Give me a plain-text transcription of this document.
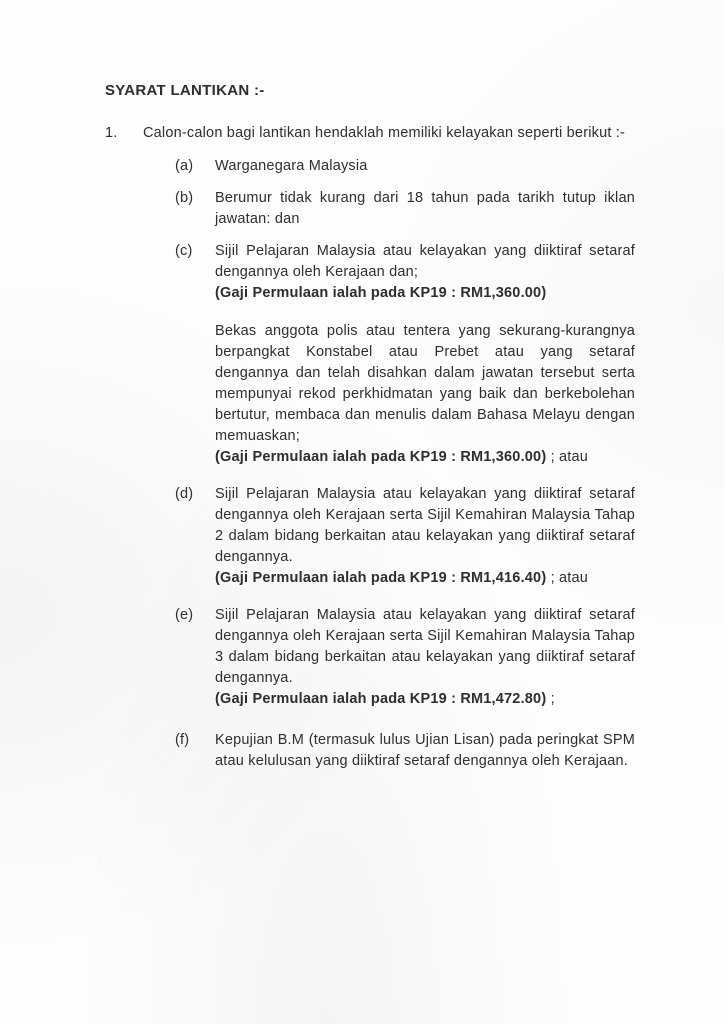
SYARAT LANTIKAN :-
1.	Calon-calon bagi lantikan hendaklah memiliki kelayakan seperti berikut :-

(a)	Warganegara Malaysia

(b)	Berumur tidak kurang dari 18 tahun pada tarikh tutup iklan jawatan: dan

(c)	Sijil Pelajaran Malaysia atau kelayakan yang diiktiraf setaraf dengannya oleh Kerajaan dan;

(Gaji Permulaan ialah pada KP19 : RM1,360.00)

Bekas anggota polis atau tentera yang sekurang-kurangnya berpangkat Konstabel atau Prebet atau yang setaraf dengannya dan telah disahkan dalam jawatan tersebut serta mempunyai rekod perkhidmatan yang baik dan berkebolehan bertutur, membaca dan menulis dalam Bahasa Melayu dengan memuaskan;

(Gaji Permulaan ialah pada KP19 : RM1,360.00) ; atau

(d)	Sijil Pelajaran Malaysia atau kelayakan yang diiktiraf setaraf dengannya oleh Kerajaan serta Sijil Kemahiran Malaysia Tahap 2 dalam bidang berkaitan atau kelayakan yang diiktiraf setaraf dengannya.

(Gaji Permulaan ialah pada KP19 : RM1,416.40) ; atau

(e)	Sijil Pelajaran Malaysia atau kelayakan yang diiktiraf setaraf dengannya oleh Kerajaan serta Sijil Kemahiran Malaysia Tahap 3 dalam bidang berkaitan atau kelayakan yang diiktiraf setaraf dengannya.

(Gaji Permulaan ialah pada KP19 : RM1,472.80) ;

(f)	Kepujian B.M (termasuk lulus Ujian Lisan) pada peringkat SPM atau kelulusan yang diiktiraf setaraf dengannya oleh Kerajaan.
